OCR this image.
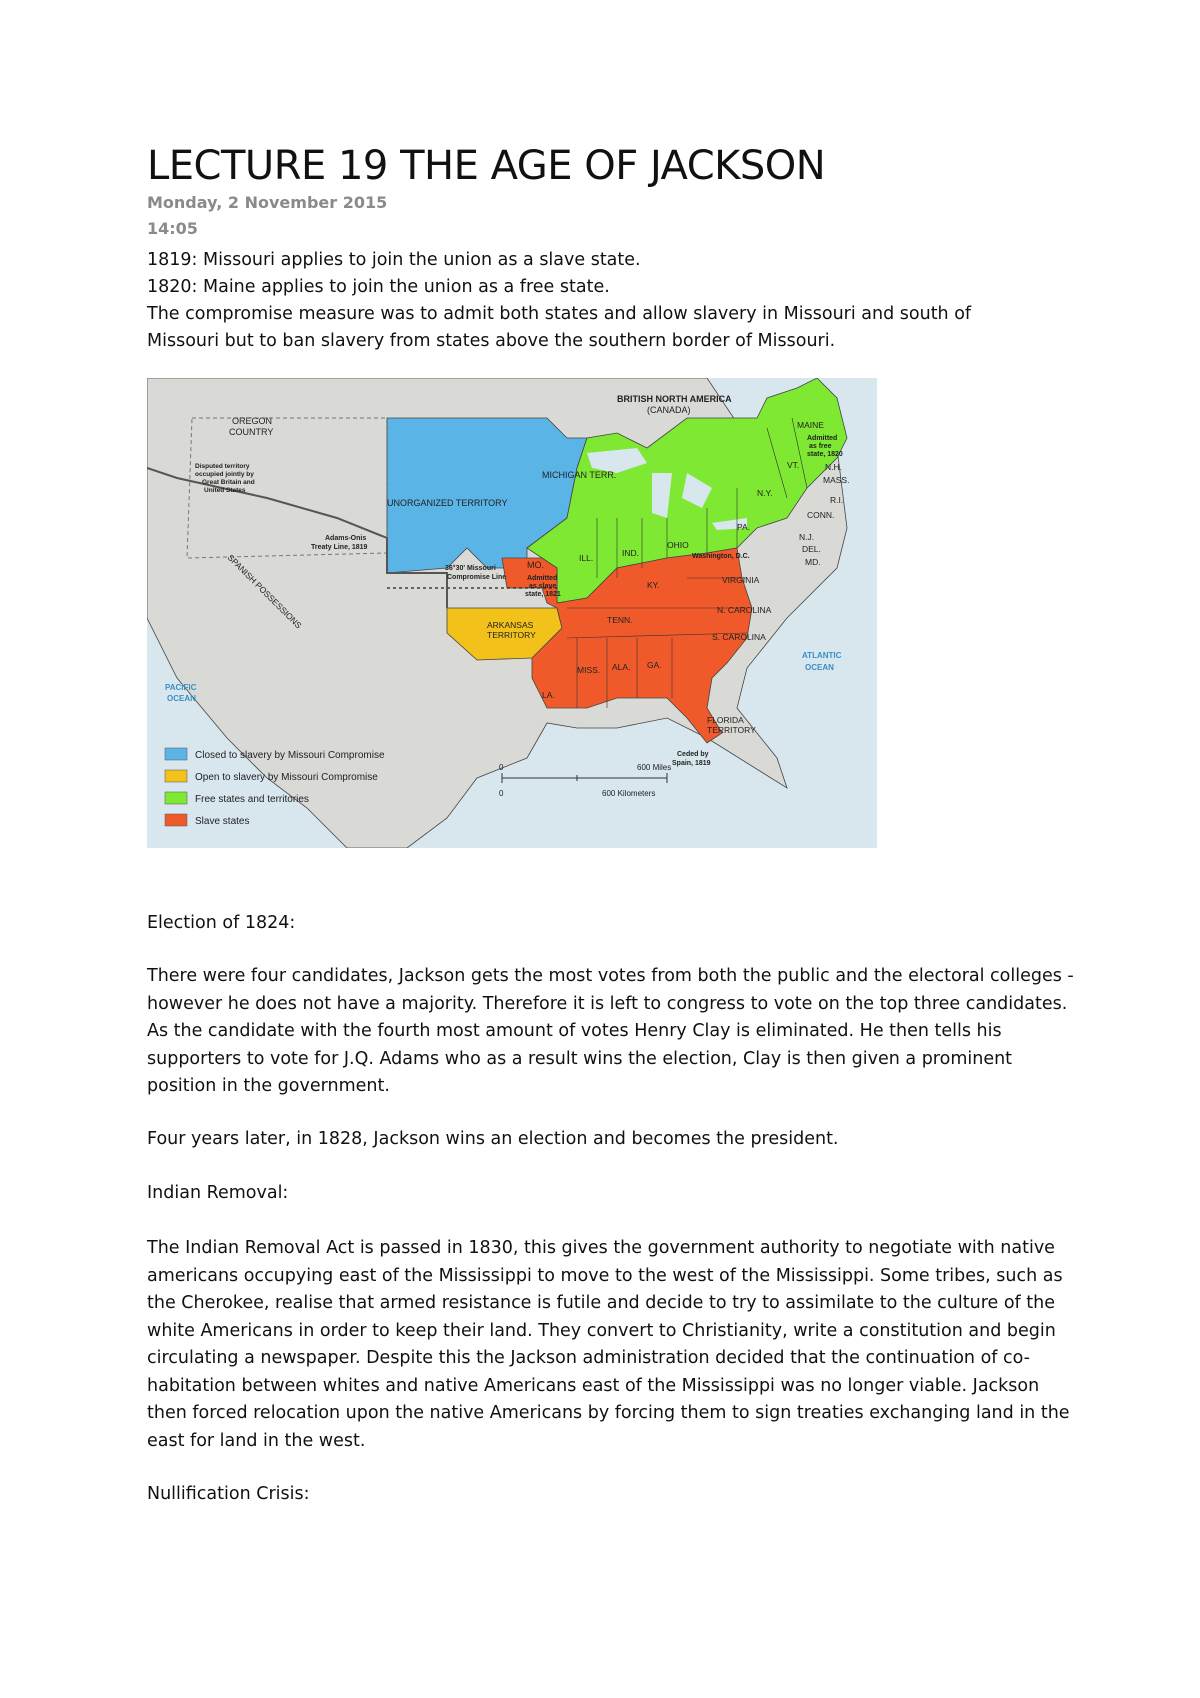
LECTURE 19 THE AGE OF JACKSON
Monday, 2 November 2015
14:05
1819: Missouri applies to join the union as a slave state.
1820: Maine applies to join the union as a free state.
The compromise measure was to admit both states and allow slavery in Missouri and south of
Missouri but to ban slavery from states above the southern border of Missouri.
BRITISH NORTH AMERICA
(CANADA)
OREGON
COUNTRY
Disputed territory
occupied jointly by
Great Britain and
United States
UNORGANIZED TERRITORY
Adams-Onis
Treaty Line, 1819
36°30' Missouri
Compromise Line
MICHIGAN TERR.
MO.
Admitted
as slave
state, 1821
ARKANSAS
TERRITORY
ILL.	IND.
OHIO
KY.
TENN.
MISS. ALA. GA.
LA.
VIRGINIA
N. CAROLINA
S. CAROLINA
FLORIDA
TERRITORY
Ceded by
Spain, 1819
Washington, D.C.
PA.
N.Y.
VT.
MAINE
Admitted
as free
state, 1820
N.H.
MASS.
R.I.
CONN.
N.J.
DEL.
MD.
PACIFIC
OCEAN
ATLANTIC
OCEAN
SPANISH POSSESSIONS
Closed to slavery by Missouri Compromise
Open to slavery by Missouri Compromise
Free states and territories
Slave states
0	600 Miles
0	600 Kilometers
Election of 1824:

There were four candidates, Jackson gets the most votes from both the public and the electoral colleges - however he does not have a majority. Therefore it is left to congress to vote on the top three candidates. As the candidate with the fourth most amount of votes Henry Clay is eliminated. He then tells his supporters to vote for J.Q. Adams who as a result wins the election, Clay is then given a prominent position in the government.

Four years later, in 1828, Jackson wins an election and becomes the president.
Indian Removal:

The Indian Removal Act is passed in 1830, this gives the government authority to negotiate with native americans occupying east of the Mississippi to move to the west of the Mississippi. Some tribes, such as the Cherokee, realise that armed resistance is futile and decide to try to assimilate to the culture of the white Americans in order to keep their land. They convert to Christianity, write a constitution and begin circulating a newspaper. Despite this the Jackson administration decided that the continuation of co-habitation between whites and native Americans east of the Mississippi was no longer viable. Jackson then forced relocation upon the native Americans by forcing them to sign treaties exchanging land in the east for land in the west.

Nullification Crisis:
